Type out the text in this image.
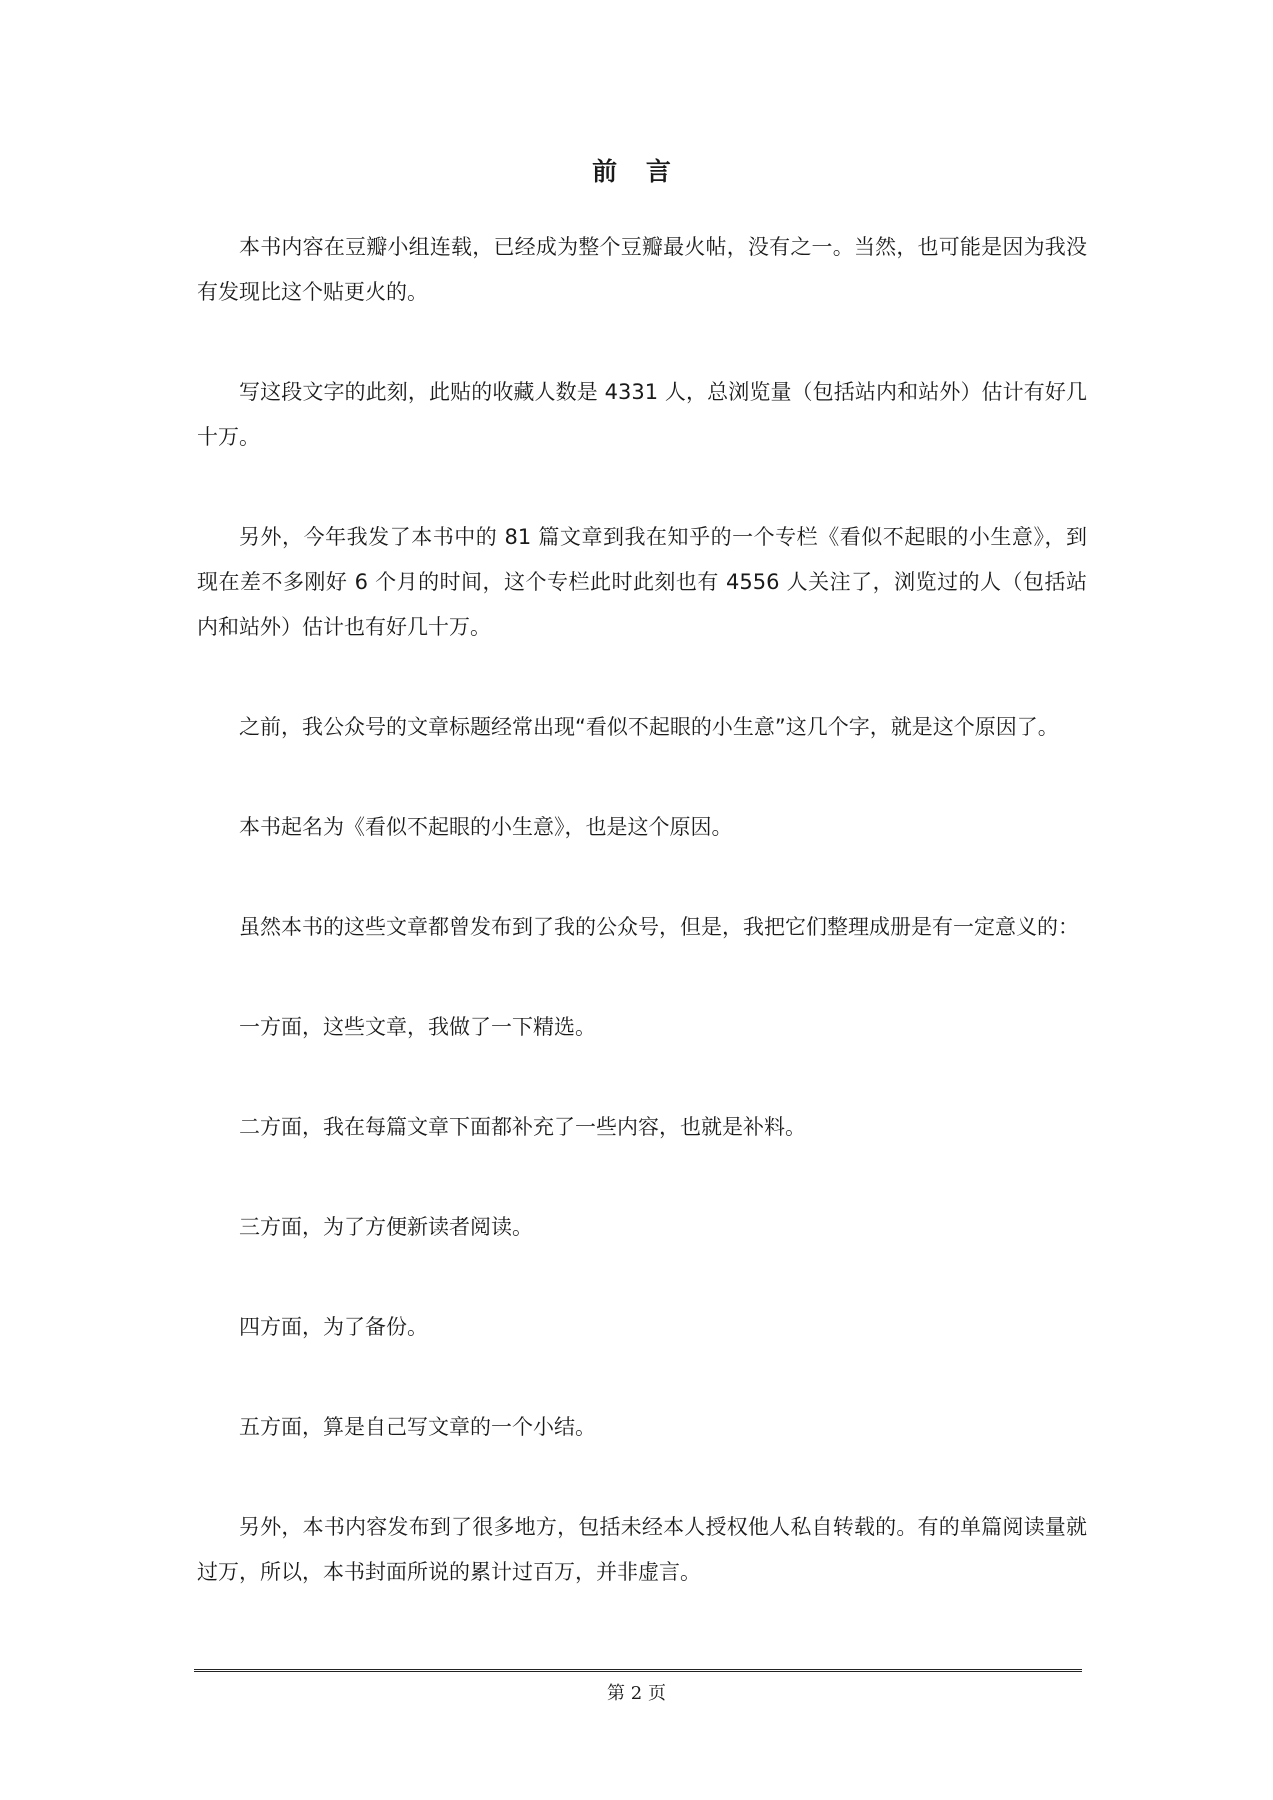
前 言

本书内容在豆瓣小组连载，已经成为整个豆瓣最火帖，没有之一。当然，也可能是因为我没有发现比这个贴更火的。

写这段文字的此刻，此贴的收藏人数是 4331 人，总浏览量（包括站内和站外）估计有好几十万。

另外，今年我发了本书中的 81 篇文章到我在知乎的一个专栏《看似不起眼的小生意》，到现在差不多刚好 6 个月的时间，这个专栏此时此刻也有 4556 人关注了，浏览过的人（包括站内和站外）估计也有好几十万。

之前，我公众号的文章标题经常出现“看似不起眼的小生意”这几个字，就是这个原因了。

本书起名为《看似不起眼的小生意》，也是这个原因。

虽然本书的这些文章都曾发布到了我的公众号，但是，我把它们整理成册是有一定意义的：

一方面，这些文章，我做了一下精选。

二方面，我在每篇文章下面都补充了一些内容，也就是补料。

三方面，为了方便新读者阅读。

四方面，为了备份。

五方面，算是自己写文章的一个小结。

另外，本书内容发布到了很多地方，包括未经本人授权他人私自转载的。有的单篇阅读量就过万，所以，本书封面所说的累计过百万，并非虚言。

第 2 页
